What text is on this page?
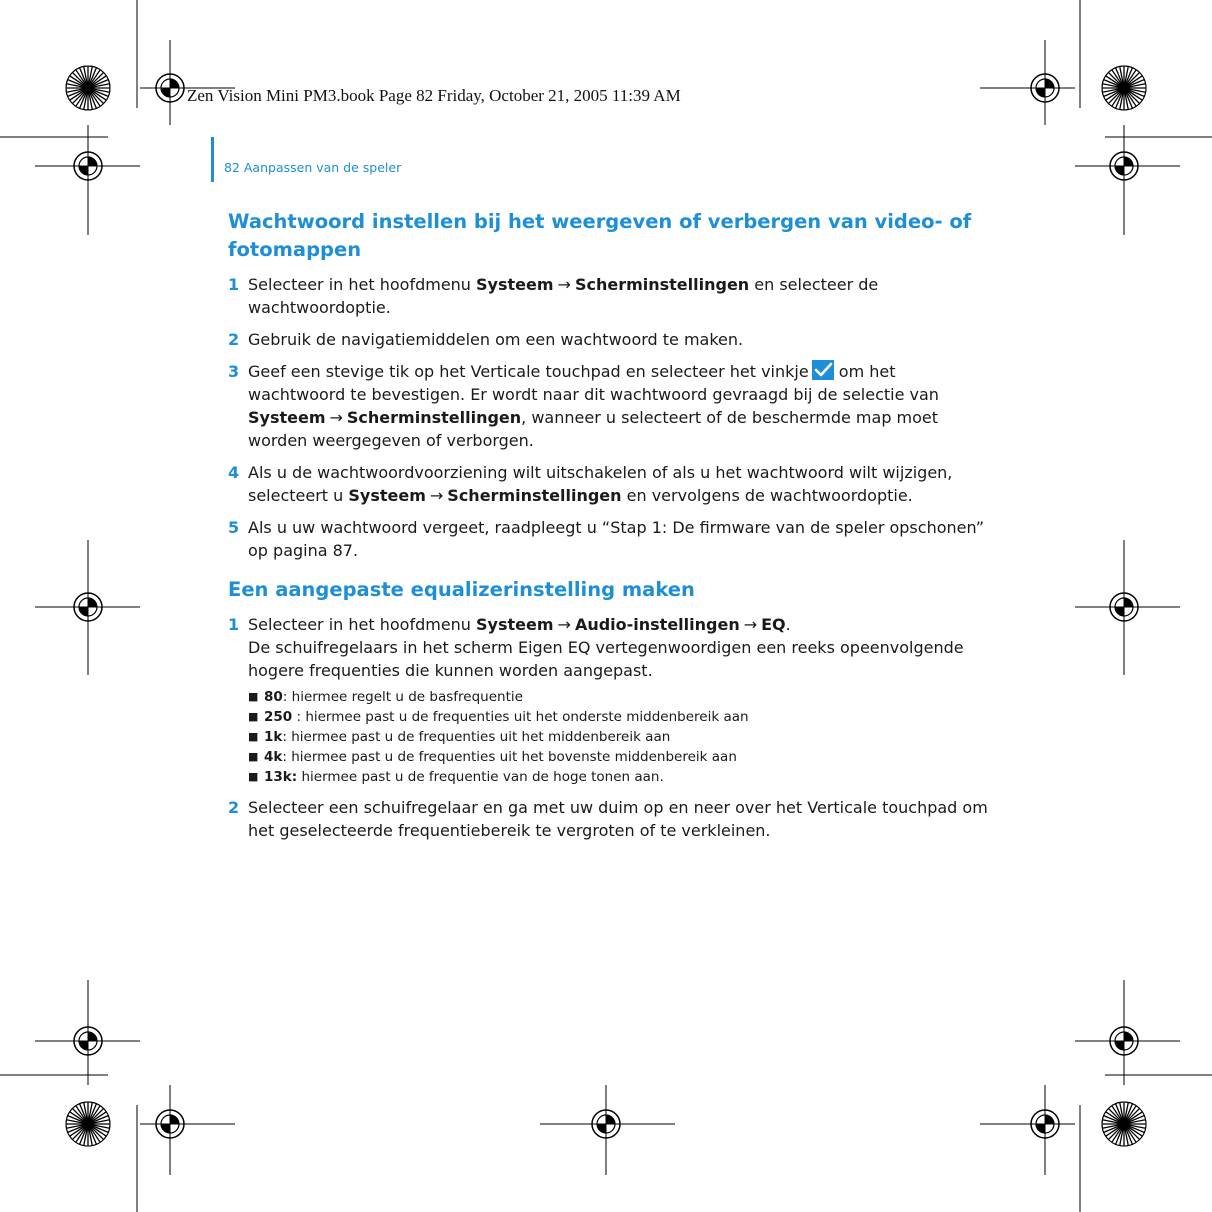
Zen Vision Mini PM3.book Page 82 Friday, October 21, 2005 11:39 AM
82 Aanpassen van de speler
Wachtwoord instellen bij het weergeven of verbergen van video- of fotomappen
1 Selecteer in het hoofdmenu Systeem → Scherminstellingen en selecteer de wachtwoordoptie.
2 Gebruik de navigatiemiddelen om een wachtwoord te maken.
3 Geef een stevige tik op het Verticale touchpad en selecteer het vinkje
om het wachtwoord te bevestigen. Er wordt naar dit wachtwoord gevraagd bij de selectie van Systeem → Scherminstellingen, wanneer u selecteert of de beschermde map moet worden weergegeven of verborgen.
4 Als u de wachtwoordvoorziening wilt uitschakelen of als u het wachtwoord wilt wijzigen, selecteert u Systeem → Scherminstellingen en vervolgens de wachtwoordoptie.
5 Als u uw wachtwoord vergeet, raadpleegt u “Stap 1: De firmware van de speler opschonen” op pagina 87.
Een aangepaste equalizerinstelling maken
1 Selecteer in het hoofdmenu Systeem → Audio-instellingen → EQ.
De schuifregelaars in het scherm Eigen EQ vertegenwoordigen een reeks opeenvolgende hogere frequenties die kunnen worden aangepast.
■ 80: hiermee regelt u de basfrequentie
■ 250 : hiermee past u de frequenties uit het onderste middenbereik aan
■ 1k: hiermee past u de frequenties uit het middenbereik aan
■ 4k: hiermee past u de frequenties uit het bovenste middenbereik aan
■ 13k: hiermee past u de frequentie van de hoge tonen aan.
2 Selecteer een schuifregelaar en ga met uw duim op en neer over het Verticale touchpad om het geselecteerde frequentiebereik te vergroten of te verkleinen.
